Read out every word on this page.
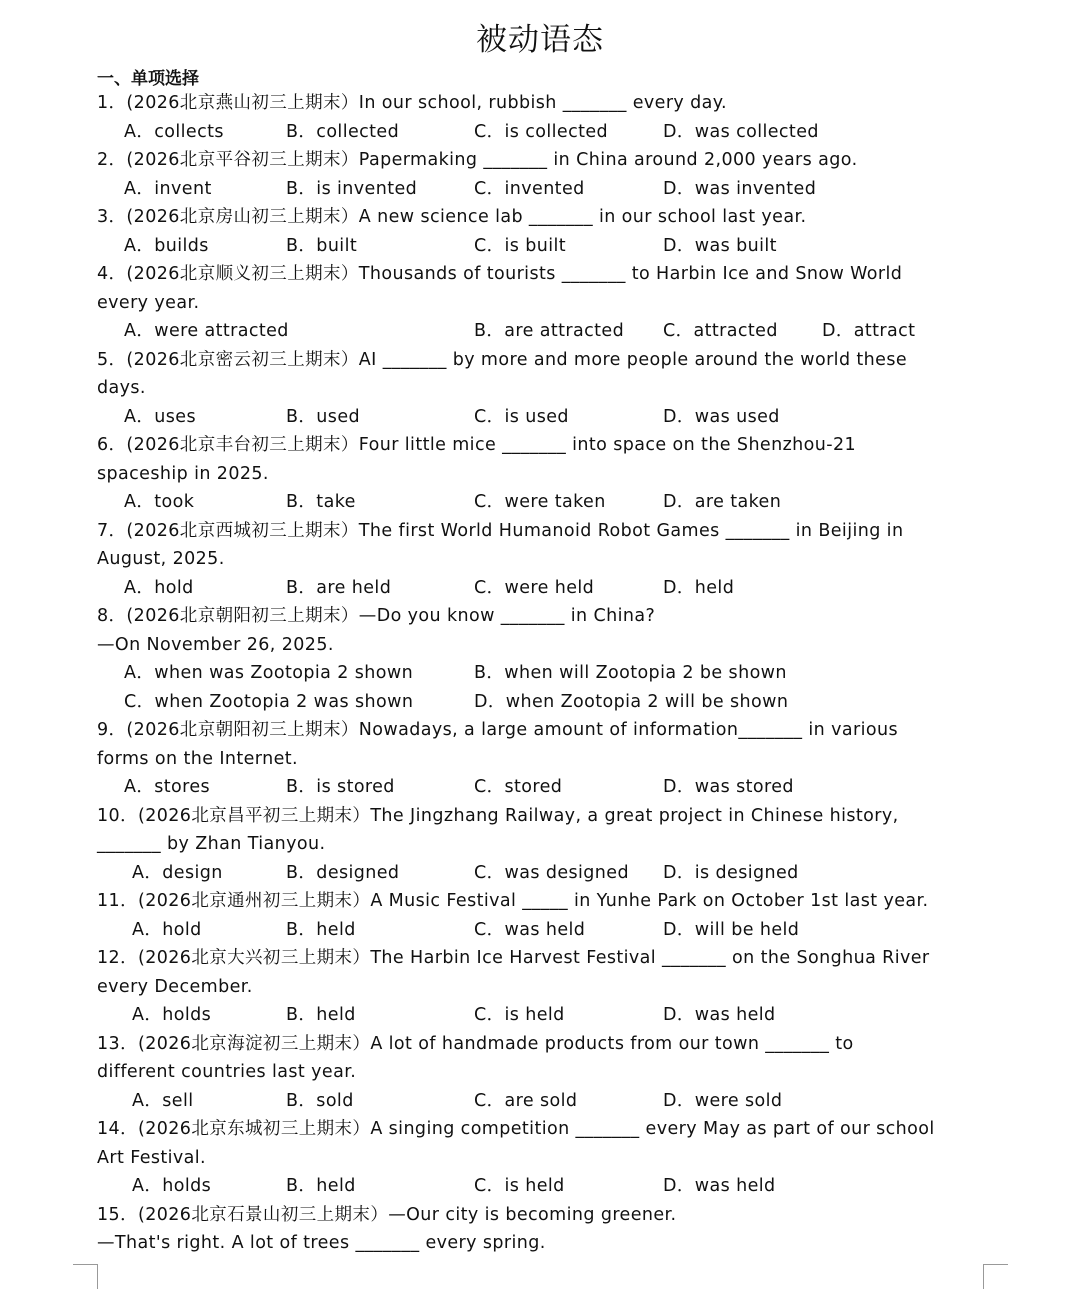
被动语态
一、单项选择
1．(2026北京燕山初三上期末）In our school, rubbish _______ every day.
A．collects	B．collected	C．is collected	D．was collected
2．(2026北京平谷初三上期末）Papermaking _______ in China around 2,000 years ago.
A．invent	B．is invented	C．invented	D．was invented
3．(2026北京房山初三上期末）A new science lab _______ in our school last year.
A．builds	B．built	C．is built	D．was built
4．(2026北京顺义初三上期末）Thousands of tourists _______ to Harbin Ice and Snow World
every year.
A．were attracted	B．are attracted C．attracted	D．attract
5．(2026北京密云初三上期末）AI _______ by more and more people around the world these
days.
A．uses	B．used	C．is used	D．was used
6．(2026北京丰台初三上期末）Four little mice _______ into space on the Shenzhou-21
spaceship in 2025.
A．took	B．take	C．were taken	D．are taken
7．(2026北京西城初三上期末）The first World Humanoid Robot Games _______ in Beijing in
August, 2025.
A．hold	B．are held	C．were held	D．held
8．(2026北京朝阳初三上期末）—Do you know _______ in China?
—On November 26, 2025.
A．when was Zootopia 2 shown	B．when will Zootopia 2 be shown
C．when Zootopia 2 was shown	D．when Zootopia 2 will be shown
9．(2026北京朝阳初三上期末）Nowadays, a large amount of information_______ in various
forms on the Internet.
A．stores	B．is stored	C．stored	D．was stored
10．(2026北京昌平初三上期末）The Jingzhang Railway, a great project in Chinese history,
_______ by Zhan Tianyou.
A．design	B．designed	C．was designed D．is designed
11．(2026北京通州初三上期末）A Music Festival _____ in Yunhe Park on October 1st last year.
A．hold	B．held	C．was held	D．will be held
12．(2026北京大兴初三上期末）The Harbin Ice Harvest Festival _______ on the Songhua River
every December.
A．holds	B．held	C．is held	D．was held
13．(2026北京海淀初三上期末）A lot of handmade products from our town _______ to
different countries last year.
A．sell	B．sold	C．are sold	D．were sold
14．(2026北京东城初三上期末）A singing competition _______ every May as part of our school
Art Festival.
A．holds	B．held	C．is held	D．was held
15．(2026北京石景山初三上期末）—Our city is becoming greener.
—That's right. A lot of trees _______ every spring.
